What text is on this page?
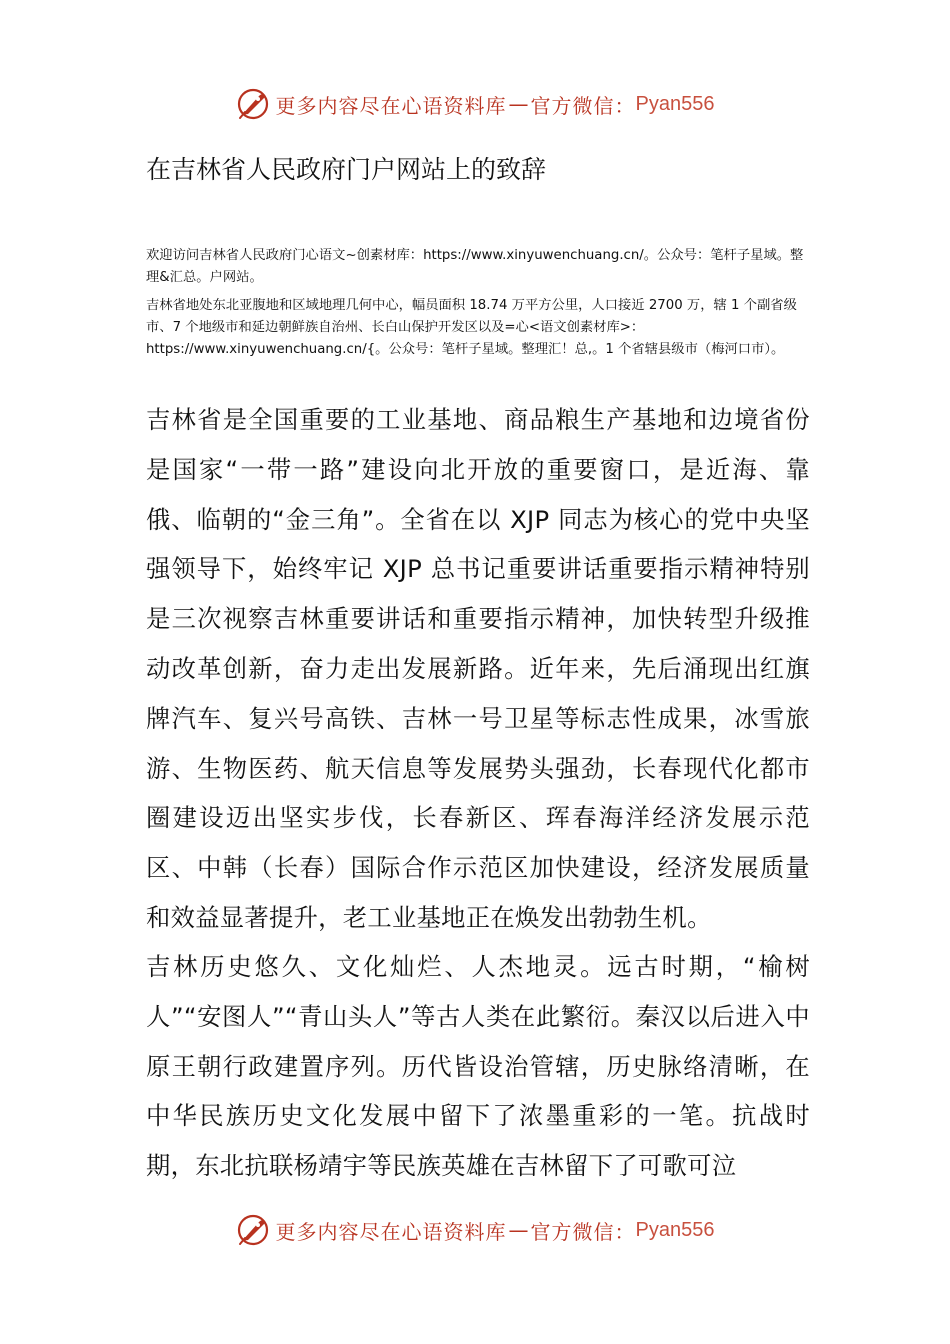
更多内容尽在心语资料库 — 官方微信： Pyan556
在吉林省人民政府门户网站上的致辞
欢迎访问吉林省人民政府门心语文~创素材库：https://www.xinyuwenchuang.cn/。公众号：笔杆子星域。整理&汇总。户网站。
吉林省地处东北亚腹地和区域地理几何中心，幅员面积 18.74 万平方公里，人口接近 2700 万，辖 1 个副省级市、7 个地级市和延边朝鲜族自治州、长白山保护开发区以及=心<语文创素材库>：https://www.xinyuwenchuang.cn/{。公众号：笔杆子星域。整理汇！总,。1 个省辖县级市（梅河口市）。
吉林省是全国重要的工业基地、商品粮生产基地和边境省份是国家“一带一路”建设向北开放的重要窗口，是近海、靠俄、临朝的“金三角”。全省在以 XJP 同志为核心的党中央坚强领导下，始终牢记 XJP 总书记重要讲话重要指示精神特别是三次视察吉林重要讲话和重要指示精神，加快转型升级推动改革创新，奋力走出发展新路。近年来，先后涌现出红旗牌汽车、复兴号高铁、吉林一号卫星等标志性成果，冰雪旅游、生物医药、航天信息等发展势头强劲，长春现代化都市圈建设迈出坚实步伐，长春新区、珲春海洋经济发展示范区、中韩（长春）国际合作示范区加快建设，经济发展质量和效益显著提升，老工业基地正在焕发出勃勃生机。
吉林历史悠久、文化灿烂、人杰地灵。远古时期，“榆树人”“安图人”“青山头人”等古人类在此繁衍。秦汉以后进入中原王朝行政建置序列。历代皆设治管辖，历史脉络清晰，在中华民族历史文化发展中留下了浓墨重彩的一笔。抗战时期，东北抗联杨靖宇等民族英雄在吉林留下了可歌可泣
更多内容尽在心语资料库 — 官方微信： Pyan556
